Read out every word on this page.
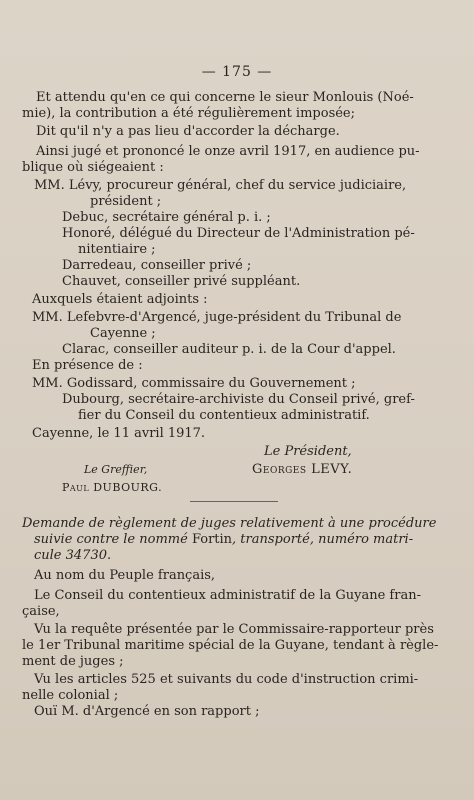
— 175 —
Et attendu qu'en ce qui concerne le sieur Monlouis (Noé-
mie), la contribution a été régulièrement imposée;
Dit qu'il n'y a pas lieu d'accorder la décharge.
Ainsi jugé et prononcé le onze avril 1917, en audience pu-
blique où siégeaient :
MM. Lévy, procureur général, chef du service judiciaire,
président ;
Debuc, secrétaire général p. i. ;
Honoré, délégué du Directeur de l'Administration pé-
nitentiaire ;
Darredeau, conseiller privé ;
Chauvet, conseiller privé suppléant.
Auxquels étaient adjoints :
MM. Lefebvre-d'Argencé, juge-président du Tribunal de
Cayenne ;
Clarac, conseiller auditeur p. i. de la Cour d'appel.
En présence de :
MM. Godissard, commissaire du Gouvernement ;
Dubourg, secrétaire-archiviste du Conseil privé, gref-
fier du Conseil du contentieux administratif.
Cayenne, le 11 avril 1917.
Le Président,
Georges LEVY.
Le Greffier,
Paul DUBOURG.
Demande de règlement de juges relativement à une procédure
suivie contre le nommé Fortin, transporté, numéro matri-
cule 34730.
Au nom du Peuple français,
Le Conseil du contentieux administratif de la Guyane fran-
çaise,
Vu la requête présentée par le Commissaire-rapporteur près
le 1er Tribunal maritime spécial de la Guyane, tendant à règle-
ment de juges ;
Vu les articles 525 et suivants du code d'instruction crimi-
nelle colonial ;
Ouï M. d'Argencé en son rapport ;
